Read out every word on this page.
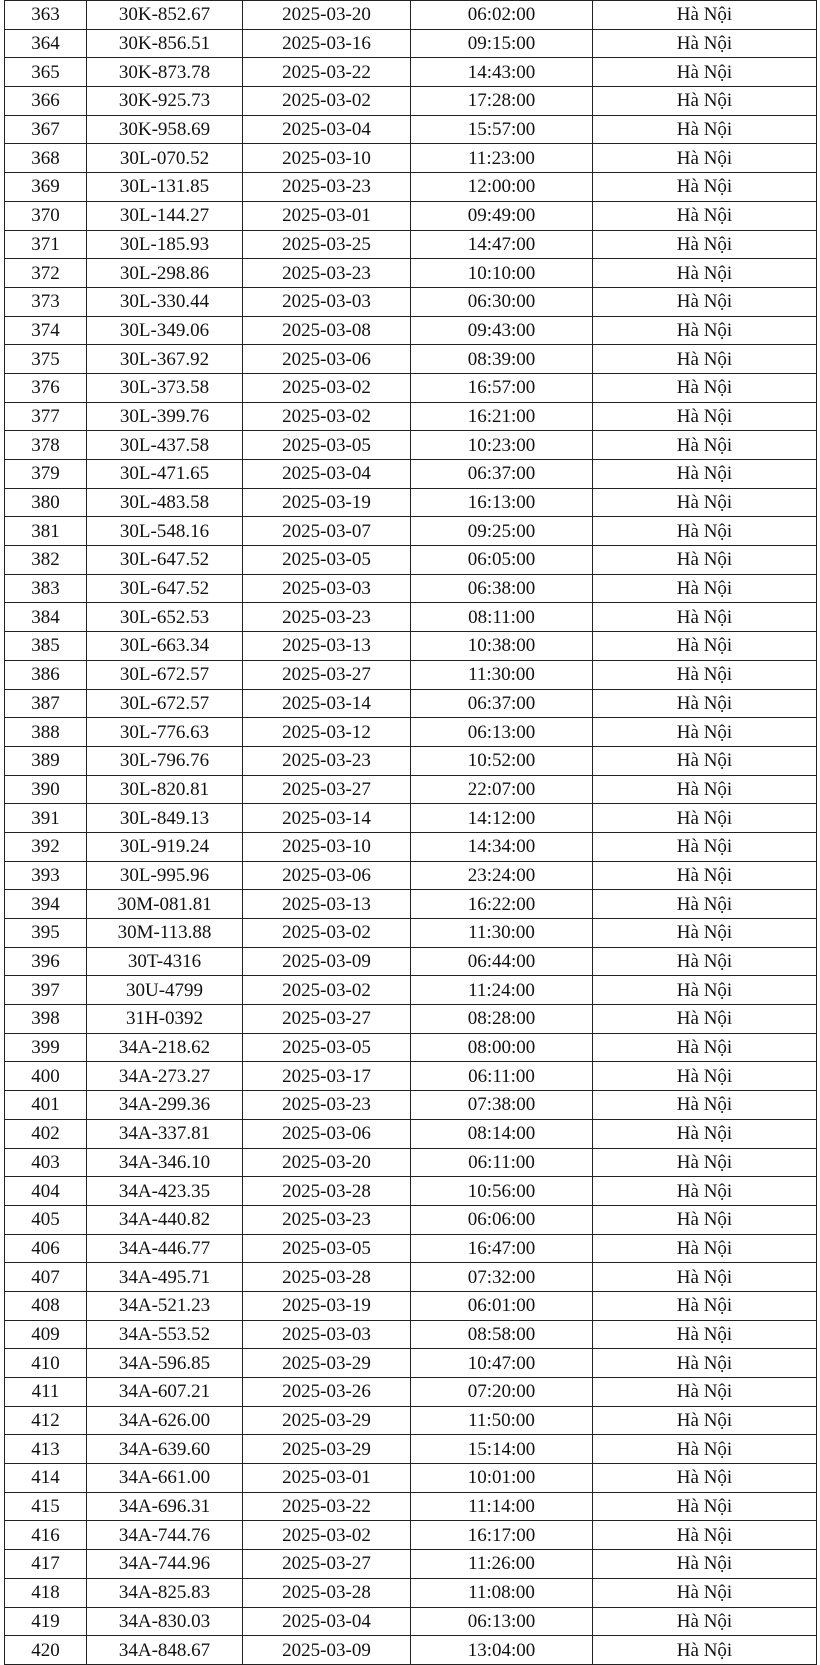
363	30K-852.67	2025-03-20	06:02:00	Hà Nội
364	30K-856.51	2025-03-16	09:15:00	Hà Nội
365	30K-873.78	2025-03-22	14:43:00	Hà Nội
366	30K-925.73	2025-03-02	17:28:00	Hà Nội
367	30K-958.69	2025-03-04	15:57:00	Hà Nội
368	30L-070.52	2025-03-10	11:23:00	Hà Nội
369	30L-131.85	2025-03-23	12:00:00	Hà Nội
370	30L-144.27	2025-03-01	09:49:00	Hà Nội
371	30L-185.93	2025-03-25	14:47:00	Hà Nội
372	30L-298.86	2025-03-23	10:10:00	Hà Nội
373	30L-330.44	2025-03-03	06:30:00	Hà Nội
374	30L-349.06	2025-03-08	09:43:00	Hà Nội
375	30L-367.92	2025-03-06	08:39:00	Hà Nội
376	30L-373.58	2025-03-02	16:57:00	Hà Nội
377	30L-399.76	2025-03-02	16:21:00	Hà Nội
378	30L-437.58	2025-03-05	10:23:00	Hà Nội
379	30L-471.65	2025-03-04	06:37:00	Hà Nội
380	30L-483.58	2025-03-19	16:13:00	Hà Nội
381	30L-548.16	2025-03-07	09:25:00	Hà Nội
382	30L-647.52	2025-03-05	06:05:00	Hà Nội
383	30L-647.52	2025-03-03	06:38:00	Hà Nội
384	30L-652.53	2025-03-23	08:11:00	Hà Nội
385	30L-663.34	2025-03-13	10:38:00	Hà Nội
386	30L-672.57	2025-03-27	11:30:00	Hà Nội
387	30L-672.57	2025-03-14	06:37:00	Hà Nội
388	30L-776.63	2025-03-12	06:13:00	Hà Nội
389	30L-796.76	2025-03-23	10:52:00	Hà Nội
390	30L-820.81	2025-03-27	22:07:00	Hà Nội
391	30L-849.13	2025-03-14	14:12:00	Hà Nội
392	30L-919.24	2025-03-10	14:34:00	Hà Nội
393	30L-995.96	2025-03-06	23:24:00	Hà Nội
394	30M-081.81	2025-03-13	16:22:00	Hà Nội
395	30M-113.88	2025-03-02	11:30:00	Hà Nội
396	30T-4316	2025-03-09	06:44:00	Hà Nội
397	30U-4799	2025-03-02	11:24:00	Hà Nội
398	31H-0392	2025-03-27	08:28:00	Hà Nội
399	34A-218.62	2025-03-05	08:00:00	Hà Nội
400	34A-273.27	2025-03-17	06:11:00	Hà Nội
401	34A-299.36	2025-03-23	07:38:00	Hà Nội
402	34A-337.81	2025-03-06	08:14:00	Hà Nội
403	34A-346.10	2025-03-20	06:11:00	Hà Nội
404	34A-423.35	2025-03-28	10:56:00	Hà Nội
405	34A-440.82	2025-03-23	06:06:00	Hà Nội
406	34A-446.77	2025-03-05	16:47:00	Hà Nội
407	34A-495.71	2025-03-28	07:32:00	Hà Nội
408	34A-521.23	2025-03-19	06:01:00	Hà Nội
409	34A-553.52	2025-03-03	08:58:00	Hà Nội
410	34A-596.85	2025-03-29	10:47:00	Hà Nội
411	34A-607.21	2025-03-26	07:20:00	Hà Nội
412	34A-626.00	2025-03-29	11:50:00	Hà Nội
413	34A-639.60	2025-03-29	15:14:00	Hà Nội
414	34A-661.00	2025-03-01	10:01:00	Hà Nội
415	34A-696.31	2025-03-22	11:14:00	Hà Nội
416	34A-744.76	2025-03-02	16:17:00	Hà Nội
417	34A-744.96	2025-03-27	11:26:00	Hà Nội
418	34A-825.83	2025-03-28	11:08:00	Hà Nội
419	34A-830.03	2025-03-04	06:13:00	Hà Nội
420	34A-848.67	2025-03-09	13:04:00	Hà Nội
